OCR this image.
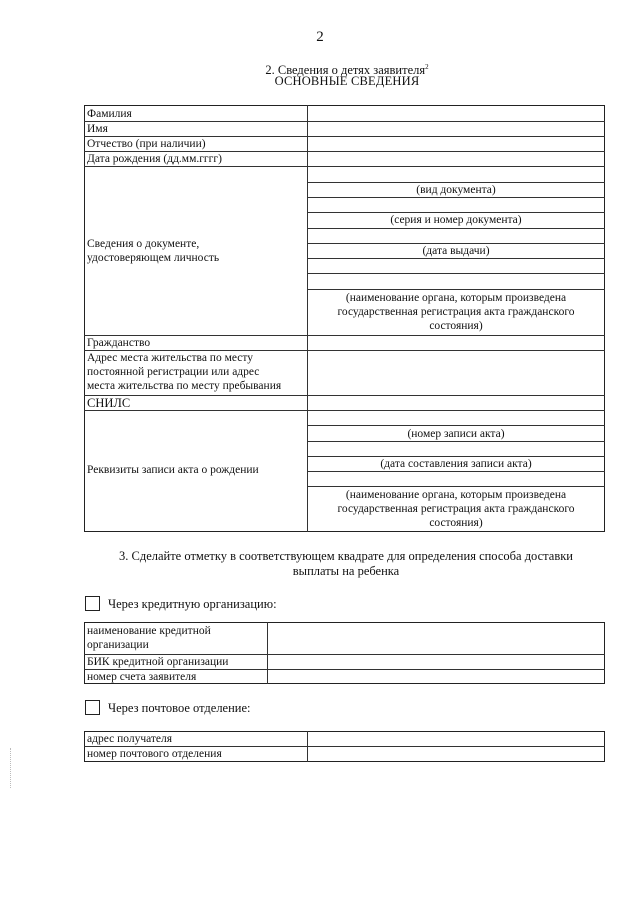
2
2. Сведения о детях заявителя$^2$
ОСНОВНЫЕ СВЕДЕНИЯ
Фамилия
Имя
Отчество (при наличии)
Дата рождения (дд.мм.гггг)
Сведения о документе,
удостоверяющем личность
Гражданство
Адрес места жительства по месту
постоянной регистрации или адрес
места жительства по месту пребывания
СНИЛС
Реквизиты записи акта о рождении
(вид документа)
(серия и номер документа)
(дата выдачи)
(наименование органа, которым произведена
государственная регистрация акта гражданского
состояния)
(номер записи акта)
(дата составления записи акта)
(наименование органа, которым произведена
государственная регистрация акта гражданского
состояния)
3. Сделайте отметку в соответствующем квадрате для определения способа доставки
выплаты на ребенка
Через кредитную организацию:
наименование кредитной
организации
БИК кредитной организации
номер счета заявителя
Через почтовое отделение:
адрес получателя
номер почтового отделения
